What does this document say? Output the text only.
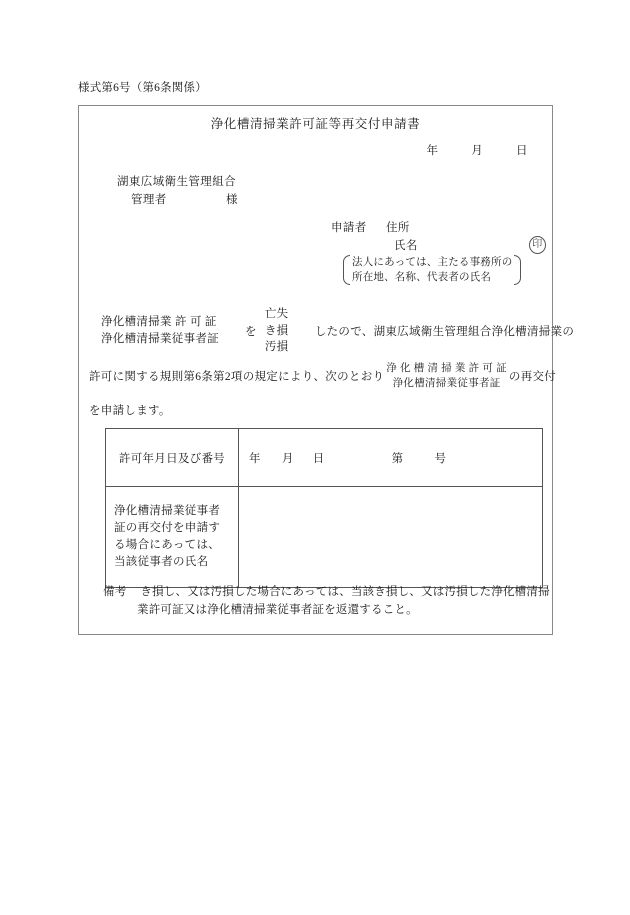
様式第6号（第6条関係）
浄化槽清掃業許可証等再交付申請書
年	月	日
湖東広域衛生管理組合
管理者	様
申請者 住所
氏名	印
法人にあっては、主たる事務所の
所在地、名称、代表者の氏名
浄化槽清掃業 許 可 証
浄化槽清掃業従事者証
を
亡失
き損
汚損
したので、湖東広域衛生管理組合浄化槽清掃業の
許可に関する規則第6条第2項の規定により、次のとおり
浄 化 槽 清 掃 業 許 可 証
浄化槽清掃業従事者証
の再交付
を申請します。
許可年月日及び番号	年 月 日 第 号

浄化槽清掃業従事者
証の再交付を申請す
る場合にあっては、
当該従事者の氏名	

備考 き損し、又は汚損した場合にあっては、当該き損し、又は汚損した浄化槽清掃
業許可証又は浄化槽清掃業従事者証を返還すること。
